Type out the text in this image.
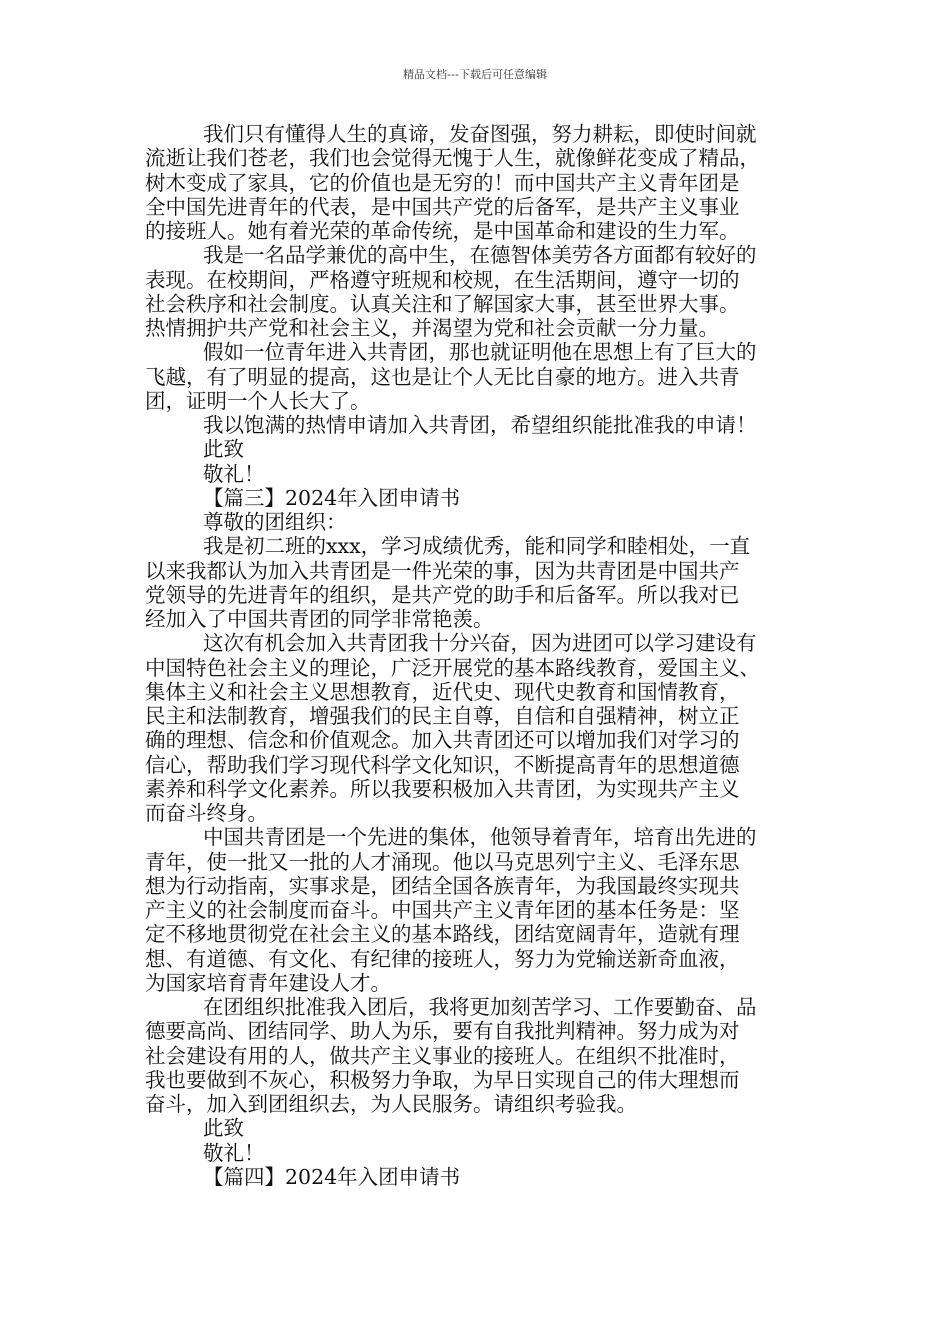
精品文档---下载后可任意编辑
我们只有懂得人生的真谛，发奋图强，努力耕耘，即使时间就
流逝让我们苍老，我们也会觉得无愧于人生，就像鲜花变成了精品，
树木变成了家具，它的价值也是无穷的！而中国共产主义青年团是
全中国先进青年的代表，是中国共产党的后备军，是共产主义事业
的接班人。她有着光荣的革命传统，是中国革命和建设的生力军。
我是一名品学兼优的高中生，在德智体美劳各方面都有较好的
表现。在校期间，严格遵守班规和校规，在生活期间，遵守一切的
社会秩序和社会制度。认真关注和了解国家大事，甚至世界大事。
热情拥护共产党和社会主义，并渴望为党和社会贡献一分力量。
假如一位青年进入共青团，那也就证明他在思想上有了巨大的
飞越，有了明显的提高，这也是让个人无比自豪的地方。进入共青
团，证明一个人长大了。
我以饱满的热情申请加入共青团，希望组织能批准我的申请！
此致
敬礼！
【篇三】2024年入团申请书
尊敬的团组织：
我是初二班的xxx，学习成绩优秀，能和同学和睦相处，一直
以来我都认为加入共青团是一件光荣的事，因为共青团是中国共产
党领导的先进青年的组织，是共产党的助手和后备军。所以我对已
经加入了中国共青团的同学非常艳羡。
这次有机会加入共青团我十分兴奋，因为进团可以学习建设有
中国特色社会主义的理论，广泛开展党的基本路线教育，爱国主义、
集体主义和社会主义思想教育，近代史、现代史教育和国情教育，
民主和法制教育，增强我们的民主自尊，自信和自强精神，树立正
确的理想、信念和价值观念。加入共青团还可以增加我们对学习的
信心，帮助我们学习现代科学文化知识，不断提高青年的思想道德
素养和科学文化素养。所以我要积极加入共青团，为实现共产主义
而奋斗终身。
中国共青团是一个先进的集体，他领导着青年，培育出先进的
青年，使一批又一批的人才涌现。他以马克思列宁主义、毛泽东思
想为行动指南，实事求是，团结全国各族青年，为我国最终实现共
产主义的社会制度而奋斗。中国共产主义青年团的基本任务是：坚
定不移地贯彻党在社会主义的基本路线，团结宽阔青年，造就有理
想、有道德、有文化、有纪律的接班人，努力为党输送新奇血液，
为国家培育青年建设人才。
在团组织批准我入团后，我将更加刻苦学习、工作要勤奋、品
德要高尚、团结同学、助人为乐，要有自我批判精神。努力成为对
社会建设有用的人，做共产主义事业的接班人。在组织不批准时，
我也要做到不灰心，积极努力争取，为早日实现自己的伟大理想而
奋斗，加入到团组织去，为人民服务。请组织考验我。
此致
敬礼！
【篇四】2024年入团申请书
